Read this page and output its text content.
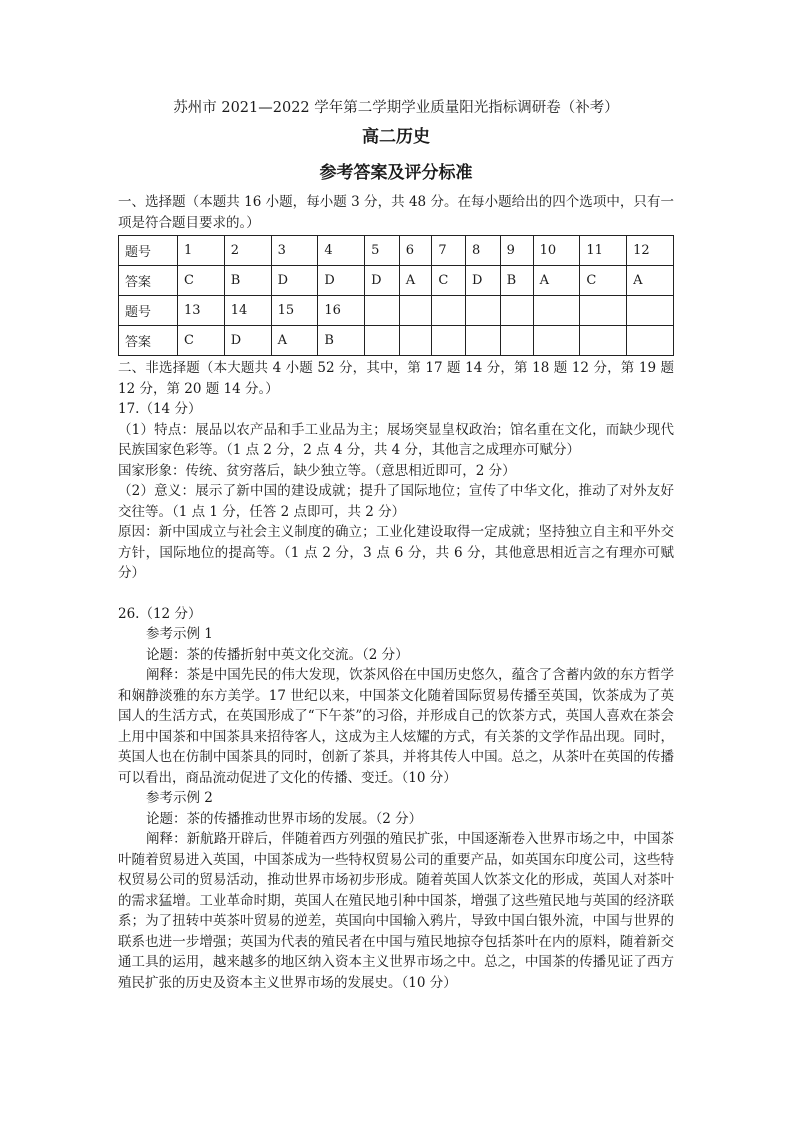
苏州市 2021—2022 学年第二学期学业质量阳光指标调研卷（补考）

高二历史

参考答案及评分标准

一、选择题（本题共 16 小题，每小题 3 分，共 48 分。在每小题给出的四个选项中，只有一项是符合题目要求的。）

题号	1	2	3	4	5	6	7	8	9	10	11	12
答案	C	B	D	D	D	A	C	D	B	A	C	A
题号	13	14	15	16								
答案	C	D	A	B								

二、非选择题（本大题共 4 小题 52 分，其中，第 17 题 14 分，第 18 题 12 分，第 19 题 12 分，第 20 题 14 分。）

17.（14 分）

（1）特点：展品以农产品和手工业品为主；展场突显皇权政治；馆名重在文化，而缺少现代民族国家色彩等。（1 点 2 分，2 点 4 分，共 4 分，其他言之成理亦可赋分）

国家形象：传统、贫穷落后，缺少独立等。（意思相近即可，2 分）

（2）意义：展示了新中国的建设成就；提升了国际地位；宣传了中华文化，推动了对外友好交往等。（1 点 1 分，任答 2 点即可，共 2 分）

原因：新中国成立与社会主义制度的确立；工业化建设取得一定成就；坚持独立自主和平外交方针，国际地位的提高等。（1 点 2 分，3 点 6 分，共 6 分，其他意思相近言之有理亦可赋分）

26.（12 分）

参考示例 1

论题：茶的传播折射中英文化交流。（2 分）

阐释：茶是中国先民的伟大发现，饮茶风俗在中国历史悠久，蕴含了含蓄内敛的东方哲学和娴静淡雅的东方美学。17 世纪以来，中国茶文化随着国际贸易传播至英国，饮茶成为了英国人的生活方式，在英国形成了“下午茶”的习俗，并形成自己的饮茶方式，英国人喜欢在茶会上用中国茶和中国茶具来招待客人，这成为主人炫耀的方式，有关茶的文学作品出现。同时，英国人也在仿制中国茶具的同时，创新了茶具，并将其传人中国。总之，从茶叶在英国的传播可以看出，商品流动促进了文化的传播、变迁。（10 分）

参考示例 2

论题：茶的传播推动世界市场的发展。（2 分）

阐释：新航路开辟后，伴随着西方列强的殖民扩张，中国逐渐卷入世界市场之中，中国茶叶随着贸易进入英国，中国茶成为一些特权贸易公司的重要产品，如英国东印度公司，这些特权贸易公司的贸易活动，推动世界市场初步形成。随着英国人饮茶文化的形成，英国人对茶叶的需求猛增。工业革命时期，英国人在殖民地引种中国茶，增强了这些殖民地与英国的经济联系；为了扭转中英茶叶贸易的逆差，英国向中国输入鸦片，导致中国白银外流，中国与世界的联系也进一步增强；英国为代表的殖民者在中国与殖民地掠夺包括茶叶在内的原料，随着新交通工具的运用，越来越多的地区纳入资本主义世界市场之中。总之，中国茶的传播见证了西方殖民扩张的历史及资本主义世界市场的发展史。（10 分）
